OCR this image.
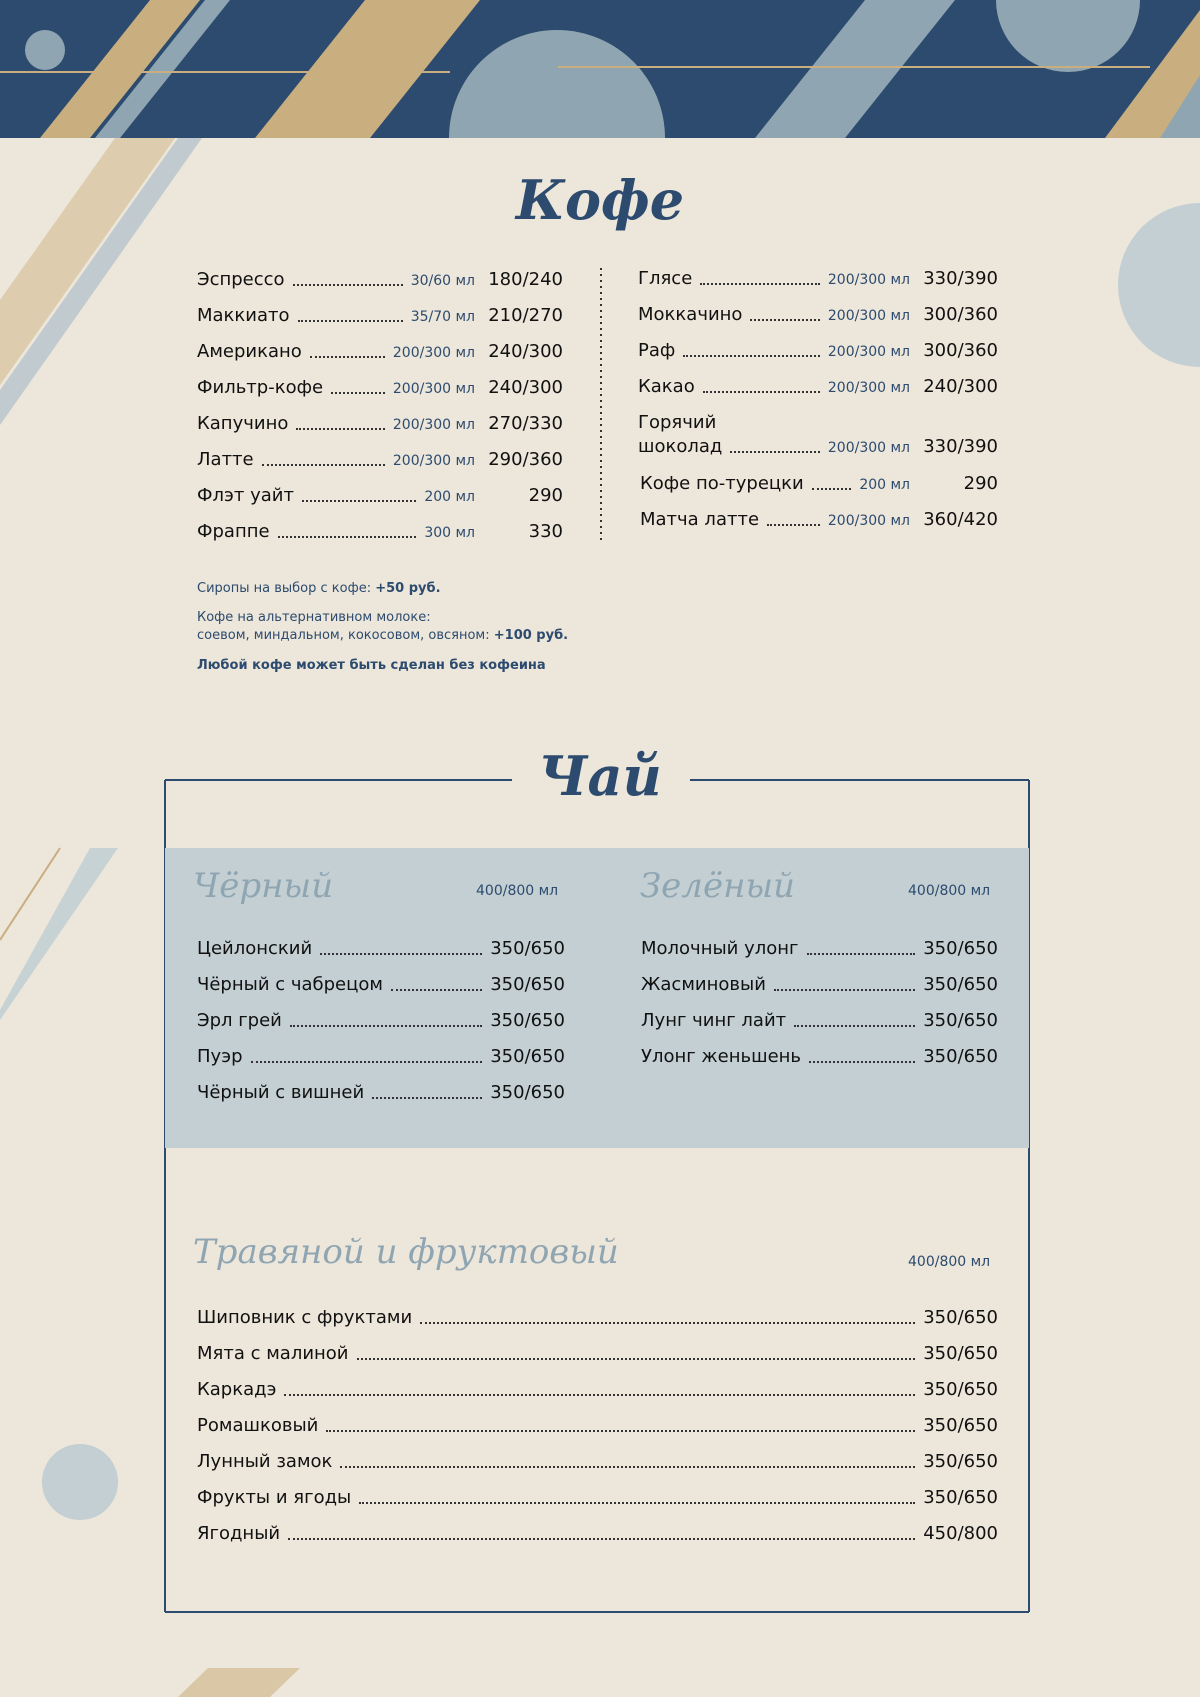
Кофе
Эспрессо	30/60 мл 180/240
Маккиато	35/70 мл 210/270
Американо	200/300 мл 240/300
Фильтр-кофе	200/300 мл 240/300
Капучино	200/300 мл 270/330
Латте	200/300 мл 290/360
Флэт уайт	200 мл	290
Фраппе	300 мл	330
Глясе	200/300 мл 330/390
Моккачино	200/300 мл 300/360
Раф	200/300 мл 300/360
Какао	200/300 мл 240/300
Горячий
шоколад	200/300 мл 330/390
Кофе по-турецки	200 мл	290
Матча латте	200/300 мл 360/420
Сиропы на выбор с кофе: +50 руб.
Кофе на альтернативном молоке:
соевом, миндальном, кокосовом, овсяном: +100 руб.
Любой кофе может быть сделан без кофеина
Чай
Чёрный	400/800 мл
Цейлонский	350/650
Чёрный с чабрецом	350/650
Эрл грей	350/650
Пуэр	350/650
Чёрный с вишней	350/650
Зелёный	400/800 мл
Молочный улонг	350/650
Жасминовый	350/650
Лунг чинг лайт	350/650
Улонг женьшень	350/650
Травяной и фруктовый	400/800 мл
Шиповник с фруктами	350/650
Мята с малиной	350/650
Каркадэ	350/650
Ромашковый	350/650
Лунный замок	350/650
Фрукты и ягоды	350/650
Ягодный	450/800
